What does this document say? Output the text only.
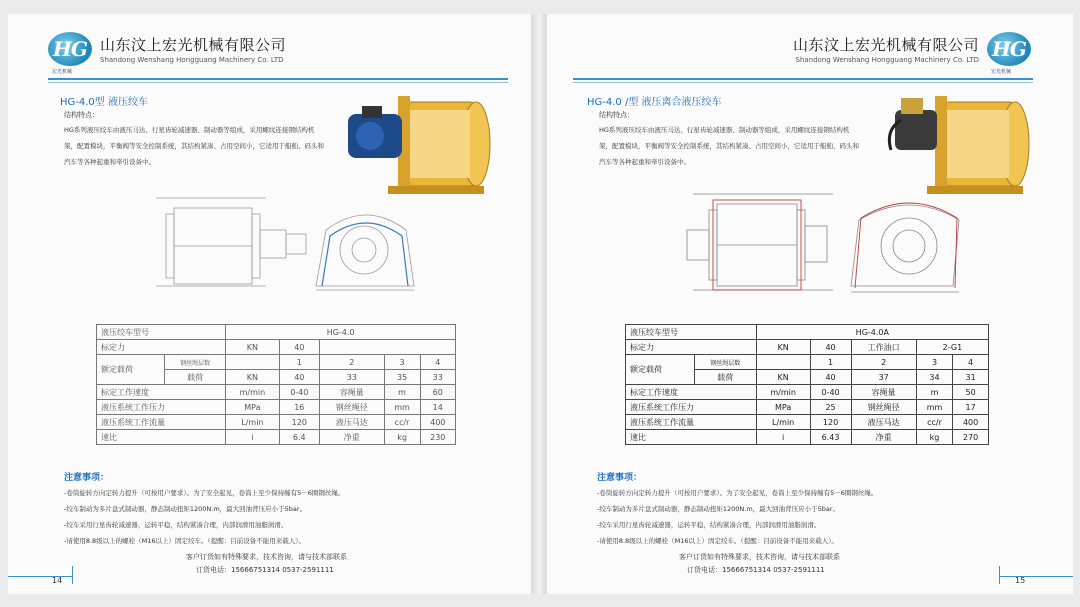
HG
宏光机械
山东汶上宏光机械有限公司
Shandong Wenshang Hongguang Machinery Co. LTD
HG-4.0型 液压绞车
结构特点：
HG系列液压绞车由液压马达、行星齿轮减速器、制动器等组成，采用螺纹连接钢结构机架，配置模块，平衡阀等安全控制系统，其结构紧凑、占用空间小，它适用于船舶、码头和汽车等各种起重和牵引设备中。
液压绞车型号		HG-4.0				
标定力		KN	40			
额定载荷	钢丝绳层数		1	2	3	4
	载荷	KN	40	33	35	33
标定工作速度		m/min	0-40	容绳量	m	60
液压系统工作压力		MPa	16	钢丝绳径	mm	14
液压系统工作流量		L/min	120	液压马达	cc/r	400
速比		i	6.4	净重	kg	230
注意事项：
-卷筒旋转方向定转力提升（可按用户要求）。为了安全起见，卷筒上至少保持缠有5－6圈钢丝绳。
-绞车制动为多片盘式制动器，静态制动扭矩1200N.m，最大回油背压应小于5bar。
-绞车采用行星齿轮减速器，运转平稳，结构紧凑合理，内部润滑用油脂润滑。
-请使用8.8级以上的螺栓（M16以上）固定绞车。（提醒：目前设备不能用来载人）。
客户订货如有特殊要求，技术咨询，请与技术部联系
订货电话：15666751314 0537-2591111
14
山东汶上宏光机械有限公司
Shandong Wenshang Hongguang Machinery Co. LTD HG
宏光机械
HG-4.0 /型 液压离合液压绞车
结构特点：
HG系列液压绞车由液压马达、行星齿轮减速器、制动器等组成，采用螺纹连接钢结构机架，配置模块，平衡阀等安全控制系统，其结构紧凑、占用空间小，它适用于船舶、码头和汽车等各种起重和牵引设备中。
液压绞车型号		HG-4.0A				
标定力		KN	40	工作油口	2-G1	
额定载荷	钢丝绳层数		1	2	3	4
	载荷	KN	40	37	34	31
标定工作速度		m/min	0-40	容绳量	m	50
液压系统工作压力		MPa	25	钢丝绳径	mm	17
液压系统工作流量		L/min	120	液压马达	cc/r	400
速比		i	6.43	净重	kg	270
注意事项：
-卷筒旋转方向定转力提升（可按用户要求）。为了安全起见，卷筒上至少保持缠有5－6圈钢丝绳。
-绞车制动为多片盘式制动器，静态制动扭矩1200N.m，最大回油背压应小于5bar。
-绞车采用行星齿轮减速器，运转平稳，结构紧凑合理，内部润滑用油脂润滑。
-请使用8.8级以上的螺栓（M16以上）固定绞车。（提醒：目前设备不能用来载人）。
客户订货如有特殊要求，技术咨询，请与技术部联系
订货电话：15666751314 0537-2591111
15
